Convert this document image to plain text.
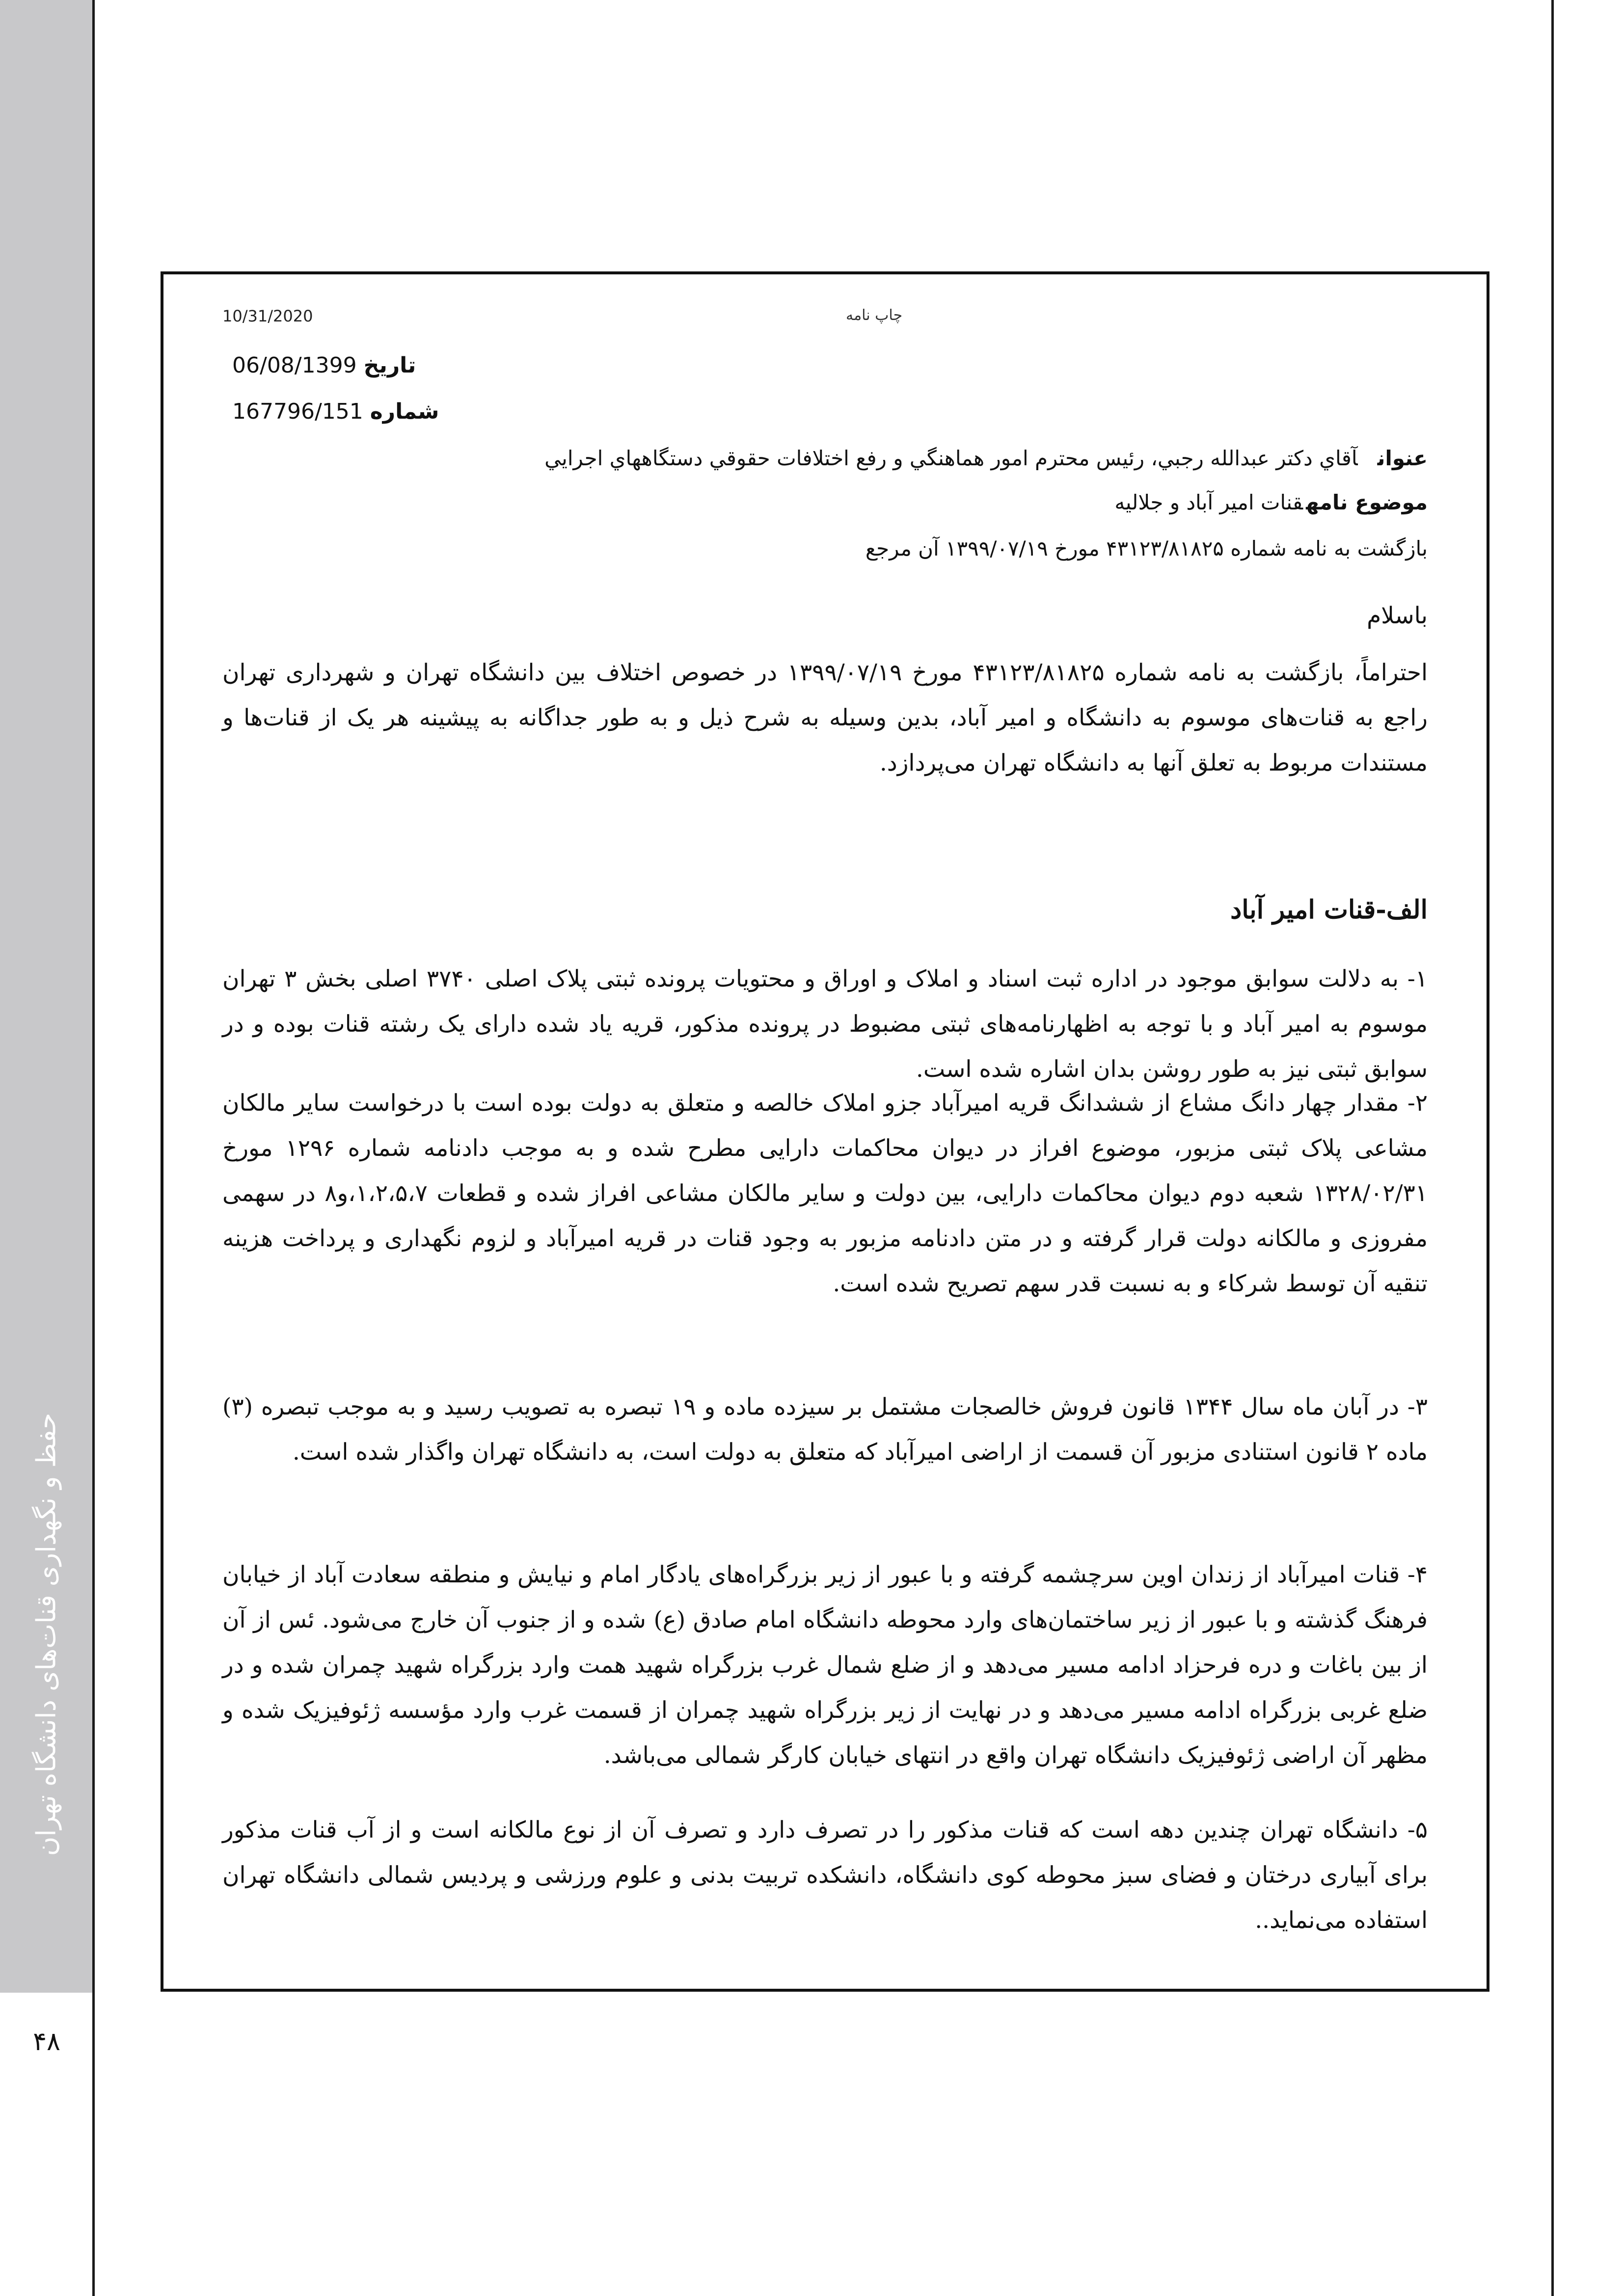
حفظ و نگهداری قنات‌های دانشگاه تهران
۴۸
10/31/2020	چاپ نامه
تاریخ 06/08/1399
شماره 167796/151
عنوانآقاي دكتر عبدالله رجبي، رئيس محترم امور هماهنگي و رفع اختلافات حقوقي دستگاههاي اجرايي
موضوع نامهقنات امیر آباد و جلالیه
بازگشت به نامه شماره ۴۳۱۲۳/۸۱۸۲۵ مورخ ۱۳۹۹/۰۷/۱۹ آن مرجع
باسلام
احتراماً، بازگشت به نامه شماره ۴۳۱۲۳/۸۱۸۲۵ مورخ ۱۳۹۹/۰۷/۱۹ در خصوص اختلاف بین دانشگاه تهران و شهرداری تهران راجع به قنات‌های موسوم به دانشگاه و امیر آباد، بدین وسیله به شرح ذیل و به طور جداگانه به پیشینه هر یک از قنات‌ها و مستندات مربوط به تعلق آنها به دانشگاه تهران می‌پردازد.
الف-قنات امیر آباد
۱- به دلالت سوابق موجود در اداره ثبت اسناد و املاک و اوراق و محتویات پرونده ثبتی پلاک اصلی ۳۷۴۰ اصلی بخش ۳ تهران موسوم به امیر آباد و با توجه به اظهارنامه‌های ثبتی مضبوط در پرونده مذکور، قریه یاد شده دارای یک رشته قنات بوده و در سوابق ثبتی نیز به طور روشن بدان اشاره شده است.
۲- مقدار چهار دانگ مشاع از ششدانگ قریه امیرآباد جزو املاک خالصه و متعلق به دولت بوده است با درخواست سایر مالکان مشاعی پلاک ثبتی مزبور، موضوع افراز در دیوان محاکمات دارایی مطرح شده و به موجب دادنامه شماره ۱۲۹۶ مورخ ۱۳۲۸/۰۲/۳۱ شعبه دوم دیوان محاکمات دارایی، بین دولت و سایر مالکان مشاعی افراز شده و قطعات ۱،۲،۵،۷،و۸ در سهمی مفروزی و مالکانه دولت قرار گرفته و در متن دادنامه مزبور به وجود قنات در قریه امیرآباد و لزوم نگهداری و پرداخت هزینه تنقیه آن توسط شرکاء و به نسبت قدر سهم تصریح شده است.
۳- در آبان ماه سال ۱۳۴۴ قانون فروش خالصجات مشتمل بر سیزده ماده و ۱۹ تبصره به تصویب رسید و به موجب تبصره (۳) ماده ۲ قانون استنادی مزبور آن قسمت از اراضی امیرآباد که متعلق به دولت است، به دانشگاه تهران واگذار شده است.
۴- قنات امیرآباد از زندان اوین سرچشمه گرفته و با عبور از زیر بزرگراه‌های یادگار امام و نیایش و منطقه سعادت آباد از خیابان فرهنگ گذشته و با عبور از زیر ساختمان‌های وارد محوطه دانشگاه امام صادق (ع) شده و از جنوب آن خارج می‌شود. ئس از آن از بین باغات و دره فرحزاد ادامه مسیر می‌دهد و از ضلع شمال غرب بزرگراه شهید همت وارد بزرگراه شهید چمران شده و در ضلع غربی بزرگراه ادامه مسیر می‌دهد و در نهایت از زیر بزرگراه شهید چمران از قسمت غرب وارد مؤسسه ژئوفیزیک شده و مظهر آن اراضی ژئوفیزیک دانشگاه تهران واقع در انتهای خیابان کارگر شمالی می‌باشد.
۵- دانشگاه تهران چندین دهه است که قنات مذکور را در تصرف دارد و تصرف آن از نوع مالکانه است و از آب قنات مذکور برای آبیاری درختان و فضای سبز محوطه کوی دانشگاه، دانشکده تربیت بدنی و علوم ورزشی و پردیس شمالی دانشگاه تهران استفاده می‌نماید..
